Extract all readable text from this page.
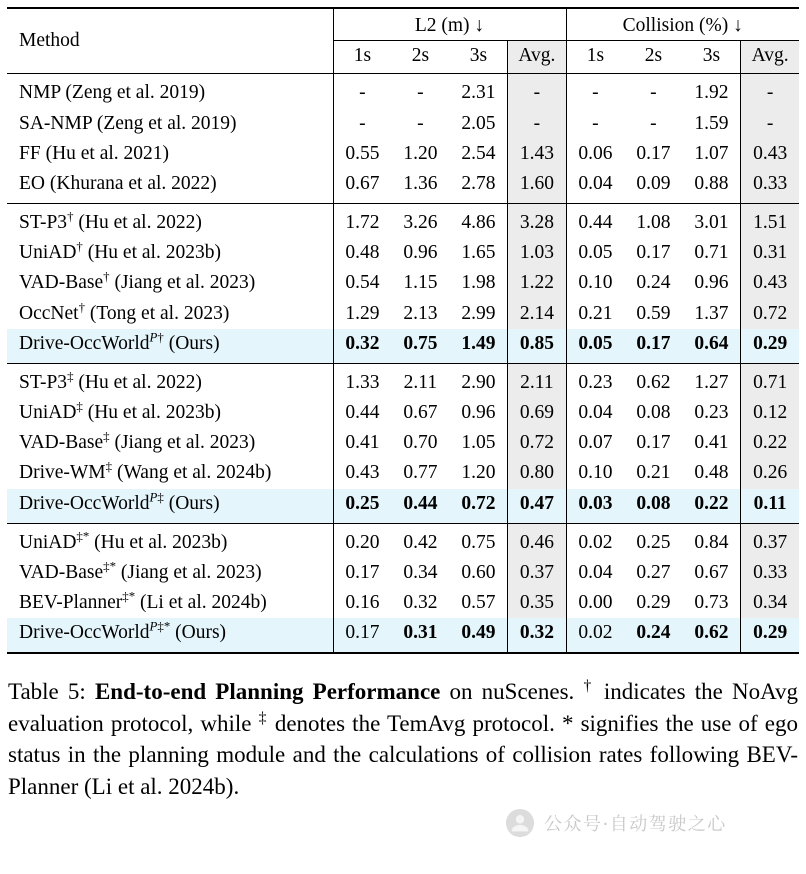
Method	L2 (m) ↓				Collision (%) ↓			
	1s	2s	3s	Avg.	1s	2s	3s	Avg.
NMP (Zeng et al. 2019)	-	-	2.31	-	-	-	1.92	-
SA-NMP (Zeng et al. 2019)	-	-	2.05	-	-	-	1.59	-
FF (Hu et al. 2021)	0.55	1.20	2.54	1.43	0.06	0.17	1.07	0.43
EO (Khurana et al. 2022)	0.67	1.36	2.78	1.60	0.04	0.09	0.88	0.33
ST-P3† (Hu et al. 2022)	1.72	3.26	4.86	3.28	0.44	1.08	3.01	1.51
UniAD† (Hu et al. 2023b)	0.48	0.96	1.65	1.03	0.05	0.17	0.71	0.31
VAD-Base† (Jiang et al. 2023)	0.54	1.15	1.98	1.22	0.10	0.24	0.96	0.43
OccNet† (Tong et al. 2023)	1.29	2.13	2.99	2.14	0.21	0.59	1.37	0.72
Drive-OccWorld$^{P\dagger}$ (Ours)	0.32	0.75	1.49	0.85	0.05	0.17	0.64	0.29
ST-P3‡ (Hu et al. 2022)	1.33	2.11	2.90	2.11	0.23	0.62	1.27	0.71
UniAD‡ (Hu et al. 2023b)	0.44	0.67	0.96	0.69	0.04	0.08	0.23	0.12
VAD-Base‡ (Jiang et al. 2023)	0.41	0.70	1.05	0.72	0.07	0.17	0.41	0.22
Drive-WM‡ (Wang et al. 2024b)	0.43	0.77	1.20	0.80	0.10	0.21	0.48	0.26
Drive-OccWorld$^{P\ddagger}$ (Ours)	0.25	0.44	0.72	0.47	0.03	0.08	0.22	0.11
UniAD‡* (Hu et al. 2023b)	0.20	0.42	0.75	0.46	0.02	0.25	0.84	0.37
VAD-Base‡* (Jiang et al. 2023)	0.17	0.34	0.60	0.37	0.04	0.27	0.67	0.33
BEV-Planner‡* (Li et al. 2024b)	0.16	0.32	0.57	0.35	0.00	0.29	0.73	0.34
Drive-OccWorld$^{P\ddagger*}$ (Ours)	0.17	0.31	0.49	0.32	0.02	0.24	0.62	0.29

Table 5: End-to-end Planning Performance on nuScenes. † indicates the NoAvg evaluation protocol, while ‡ denotes the TemAvg protocol. * signifies the use of ego status in the planning module and the calculations of collision rates following BEV-Planner (Li et al. 2024b).

公众号·自动驾驶之心
